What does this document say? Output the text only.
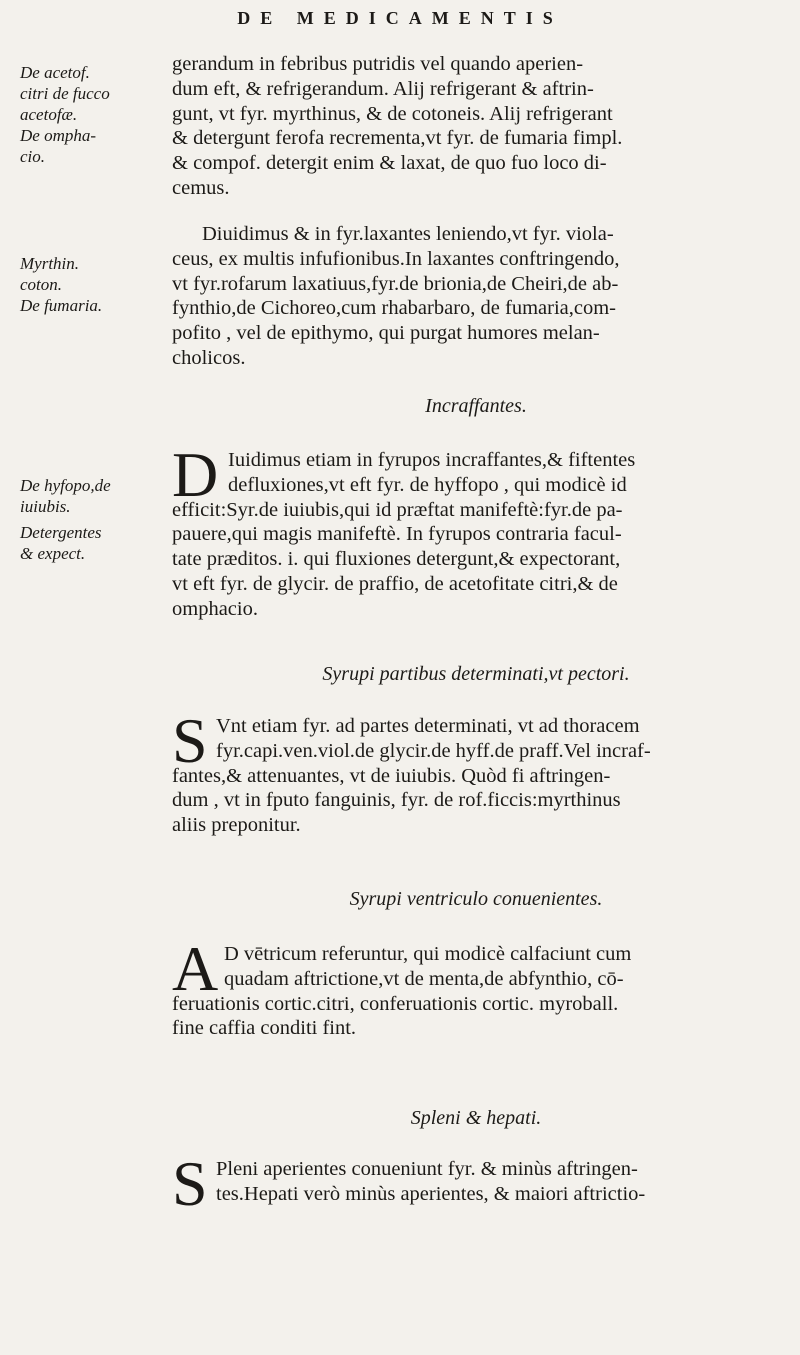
DE MEDICAMENTIS
De acetof.
citri de fucco
acetofæ.
De ompha-
cio.
Myrthin.
coton.
De fumaria.
De hyfopo,de
iuiubis.
Detergentes
& expect.
gerandum in febribus putridis vel quando aperien-
dum eft, & refrigerandum. Alij refrigerant & aftrin-
gunt, vt fyr. myrthinus, & de cotoneis. Alij refrigerant
& detergunt ferofa recrementa,vt fyr. de fumaria fimpl.
& compof. detergit enim & laxat, de quo fuo loco di-
cemus.
Diuidimus & in fyr.laxantes leniendo,vt fyr. viola-
ceus, ex multis infufionibus.In laxantes conftringendo,
vt fyr.rofarum laxatiuus,fyr.de brionia,de Cheiri,de ab-
fynthio,de Cichoreo,cum rhabarbaro, de fumaria,com-
pofito , vel de epithymo, qui purgat humores melan-
cholicos.
Incraffantes.
D Iuidimus etiam in fyrupos incraffantes,& fiftentes
defluxiones,vt eft fyr. de hyffopo , qui modicè id
efficit:Syr.de iuiubis,qui id præftat manifeftè:fyr.de pa-
pauere,qui magis manifeftè. In fyrupos contraria facul-
tate præditos. i. qui fluxiones detergunt,& expectorant,
vt eft fyr. de glycir. de praffio, de acetofitate citri,& de
omphacio.
Syrupi partibus determinati,vt pectori.
S Vnt etiam fyr. ad partes determinati, vt ad thoracem
fyr.capi.ven.viol.de glycir.de hyff.de praff.Vel incraf-
fantes,& attenuantes, vt de iuiubis. Quòd fi aftringen-
dum , vt in fputo fanguinis, fyr. de rof.ficcis:myrthinus
aliis preponitur.
Syrupi ventriculo conuenientes.
A D vētricum referuntur, qui modicè calfaciunt cum
quadam aftrictione,vt de menta,de abfynthio, cō-
feruationis cortic.citri, conferuationis cortic. myroball.
fine caffia conditi fint.
Spleni & hepati.
S Pleni aperientes conueniunt fyr. & minùs aftringen-
tes.Hepati verò minùs aperientes, & maiori aftrictio-
